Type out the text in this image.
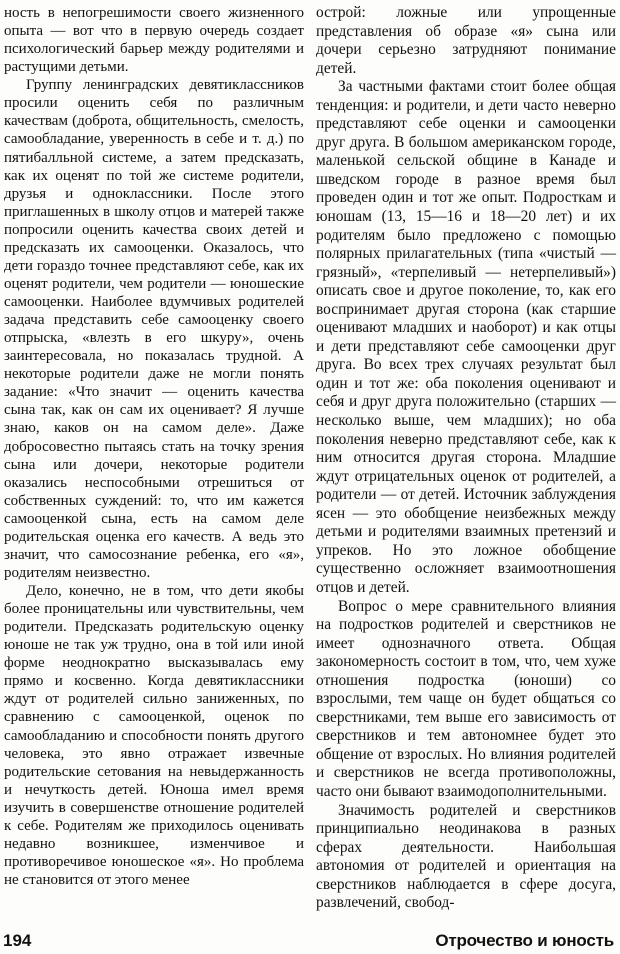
ность в непогрешимости своего жизненного опыта — вот что в первую очередь создает психологический барьер между родителями и растущими детьми.

Группу ленинградских девятиклассников просили оценить себя по различным качествам (доброта, общительность, смелость, самообладание, уверенность в себе и т. д.) по пятибалльной системе, а затем предсказать, как их оценят по той же системе родители, друзья и одноклассники. После этого приглашенных в школу отцов и матерей также попросили оценить качества своих детей и предсказать их самооценки. Оказалось, что дети гораздо точнее представляют себе, как их оценят родители, чем родители — юношеские самооценки. Наиболее вдумчивых родителей задача представить себе самооценку своего отпрыска, «влезть в его шкуру», очень заинтересовала, но показалась трудной. А некоторые родители даже не могли понять задание: «Что значит — оценить качества сына так, как он сам их оценивает? Я лучше знаю, каков он на самом деле». Даже добросовестно пытаясь стать на точку зрения сына или дочери, некоторые родители оказались неспособными отрешиться от собственных суждений: то, что им кажется самооценкой сына, есть на самом деле родительская оценка его качеств. А ведь это значит, что самосознание ребенка, его «я», родителям неизвестно.

Дело, конечно, не в том, что дети якобы более проницательны или чувствительны, чем родители. Предсказать родительскую оценку юноше не так уж трудно, она в той или иной форме неоднократно высказывалась ему прямо и косвенно. Когда девятиклассники ждут от родителей сильно заниженных, по сравнению с самооценкой, оценок по самообладанию и способности понять другого человека, это явно отражает извечные родительские сетования на невыдержанность и нечуткость детей. Юноша имел время изучить в совершенстве отношение родителей к себе. Родителям же приходилось оценивать недавно возникшее, изменчивое и противоречивое юношеское «я». Но проблема не становится от этого менее

острой: ложные или упрощенные представления об образе «я» сына или дочери серьезно затрудняют понимание детей.

За частными фактами стоит более общая тенденция: и родители, и дети часто неверно представляют себе оценки и самооценки друг друга. В большом американском городе, маленькой сельской общине в Канаде и шведском городе в разное время был проведен один и тот же опыт. Подросткам и юношам (13, 15—16 и 18—20 лет) и их родителям было предложено с помощью полярных прилагательных (типа «чистый — грязный», «терпеливый — нетерпеливый») описать свое и другое поколение, то, как его воспринимает другая сторона (как старшие оценивают младших и наоборот) и как отцы и дети представляют себе самооценки друг друга. Во всех трех случаях результат был один и тот же: оба поколения оценивают и себя и друг друга положительно (старших — несколько выше, чем младших); но оба поколения неверно представляют себе, как к ним относится другая сторона. Младшие ждут отрицательных оценок от родителей, а родители — от детей. Источник заблуждения ясен — это обобщение неизбежных между детьми и родителями взаимных претензий и упреков. Но это ложное обобщение существенно осложняет взаимоотношения отцов и детей.

Вопрос о мере сравнительного влияния на подростков родителей и сверстников не имеет однозначного ответа. Общая закономерность состоит в том, что, чем хуже отношения подростка (юноши) со взрослыми, тем чаще он будет общаться со сверстниками, тем выше его зависимость от сверстников и тем автономнее будет это общение от взрослых. Но влияния родителей и сверстников не всегда противоположны, часто они бывают взаимодополнительными.

Значимость родителей и сверстников принципиально неодинакова в разных сферах деятельности. Наибольшая автономия от родителей и ориентация на сверстников наблюдается в сфере досуга, развлечений, свобод-

194	Отрочество и юность
